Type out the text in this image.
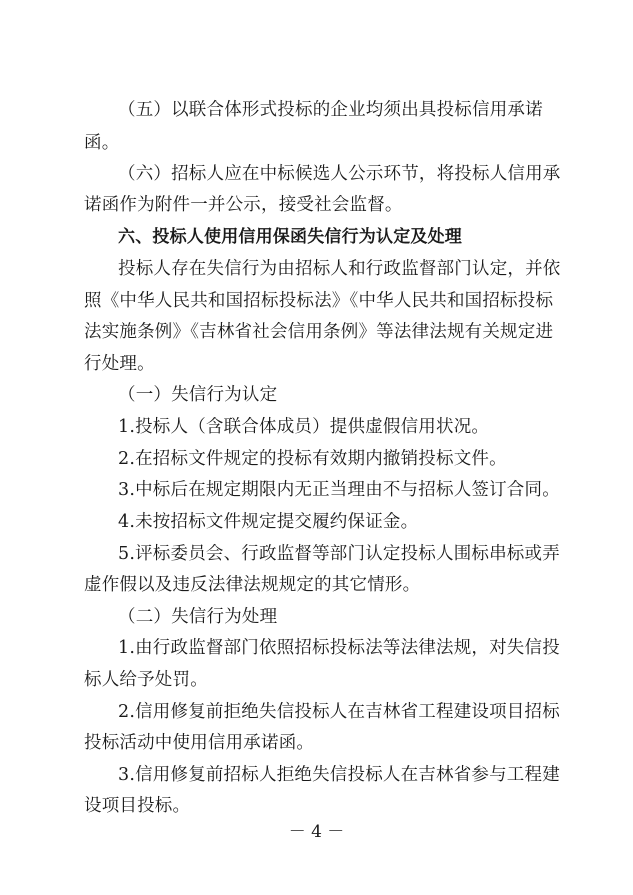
（五）以联合体形式投标的企业均须出具投标信用承诺
函。
（六）招标人应在中标候选人公示环节，将投标人信用承
诺函作为附件一并公示，接受社会监督。
六、投标人使用信用保函失信行为认定及处理
投标人存在失信行为由招标人和行政监督部门认定，并依
照《中华人民共和国招标投标法》《中华人民共和国招标投标
法实施条例》《吉林省社会信用条例》等法律法规有关规定进
行处理。
（一）失信行为认定
1.投标人（含联合体成员）提供虚假信用状况。
2.在招标文件规定的投标有效期内撤销投标文件。
3.中标后在规定期限内无正当理由不与招标人签订合同。
4.未按招标文件规定提交履约保证金。
5.评标委员会、行政监督等部门认定投标人围标串标或弄
虚作假以及违反法律法规规定的其它情形。
（二）失信行为处理
1.由行政监督部门依照招标投标法等法律法规，对失信投
标人给予处罚。
2.信用修复前拒绝失信投标人在吉林省工程建设项目招标
投标活动中使用信用承诺函。
3.信用修复前招标人拒绝失信投标人在吉林省参与工程建
设项目投标。
－ 4 －
